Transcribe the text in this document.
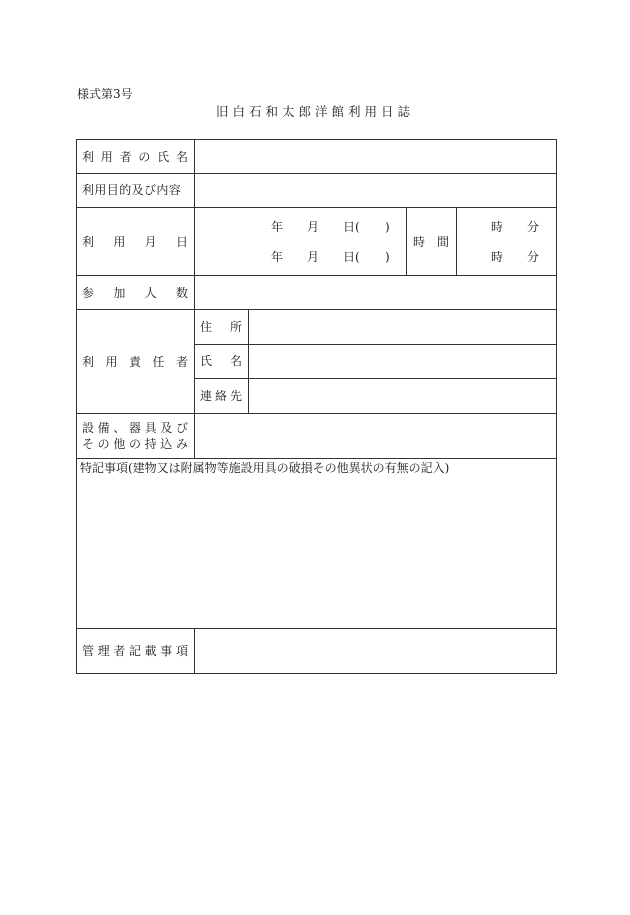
様式第3号
旧白石和太郎洋館利用日誌
利 用 者 の 氏 名
利用目的及び内容
利 用 月 日
年 月 日( )
年 月 日( )
時 間
時 分
時 分
参 加 人 数
利 用 責 任 者
住 所
氏 名
連 絡 先
設 備 、 器 具 及 び
そ の 他 の 持 込 み
特記事項(建物又は附属物等施設用具の破損その他異状の有無の記入)
管 理 者 記 載 事 項
